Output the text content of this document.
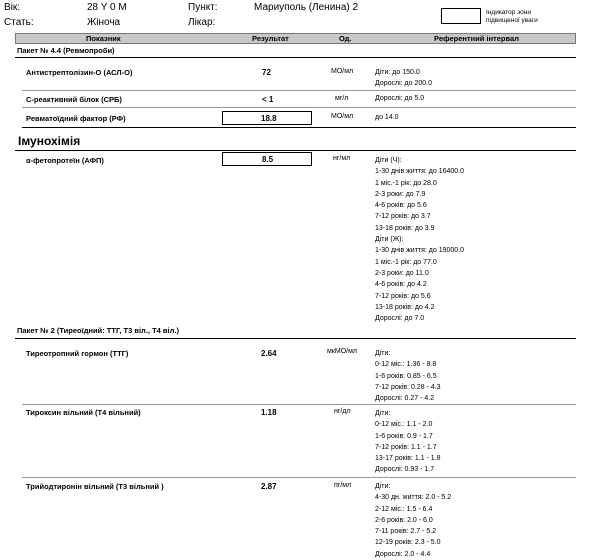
Вік:	28 Y 0 M	Пункт:	Мариуполь (Ленина) 2
Стать:	Жіноча	Лікар:
Індикатор зони підвищеної уваги
Показник	Результат	Од.	Референтний інтервал
Пакет № 4.4 (Ревмопроби)
Антистрептолізин-О (АСЛ-О)	72	МО/мл	Діти: до 150.0
Дорослі: до 200.0
С-реактивний білок (СРБ)	< 1	мг/л	Дорослі: до 5.0
Ревматоїдний фактор (РФ)	18.8	МО/мл	до 14.0
Імунохімія
α-фетопротеїн (АФП)	8.5	нг/мл	Діти (Ч):
1-30 днів життя: до 16400.0
1 міс.-1 рік: до 28.0
2-3 роки: до 7.9
4-6 років: до 5.6
7-12 років: до 3.7
13-18 років: до 3.9
Діти (Ж):
1-30 днів життя: до 19000.0
1 міс.-1 рік: до 77.0
2-3 роки: до 11.0
4-6 років: до 4.2
7-12 років: до 5.6
13-18 років: до 4.2
Дорослі: до 7.0
Пакет № 2 (Тиреоїдний: ТТГ, Т3 віл., Т4 віл.)
Тиреотропний гормон (ТТГ)	2.64	мкМО/мл	Діти:
0-12 міс.: 1.36 - 8.8
1-6 років: 0.85 - 6.5
7-12 років: 0.28 - 4.3
Дорослі: 0.27 - 4.2
Тироксин вільний (Т4 вільний)	1.18	нг/дл	Діти:
0-12 міс.: 1.1 - 2.0
1-6 років: 0.9 - 1.7
7-12 років: 1.1 - 1.7
13-17 років: 1.1 - 1.8
Дорослі: 0.93 - 1.7
Трийодтиронін вільний (Т3 вільний )	2.87	пг/мл	Діти:
4-30 дн. життя: 2.0 - 5.2
2-12 міс.: 1.5 - 6.4
2-6 років: 2.0 - 6.0
7-11 років: 2.7 - 5.2
12-19 років: 2.3 - 5.0
Дорослі: 2.0 - 4.4
